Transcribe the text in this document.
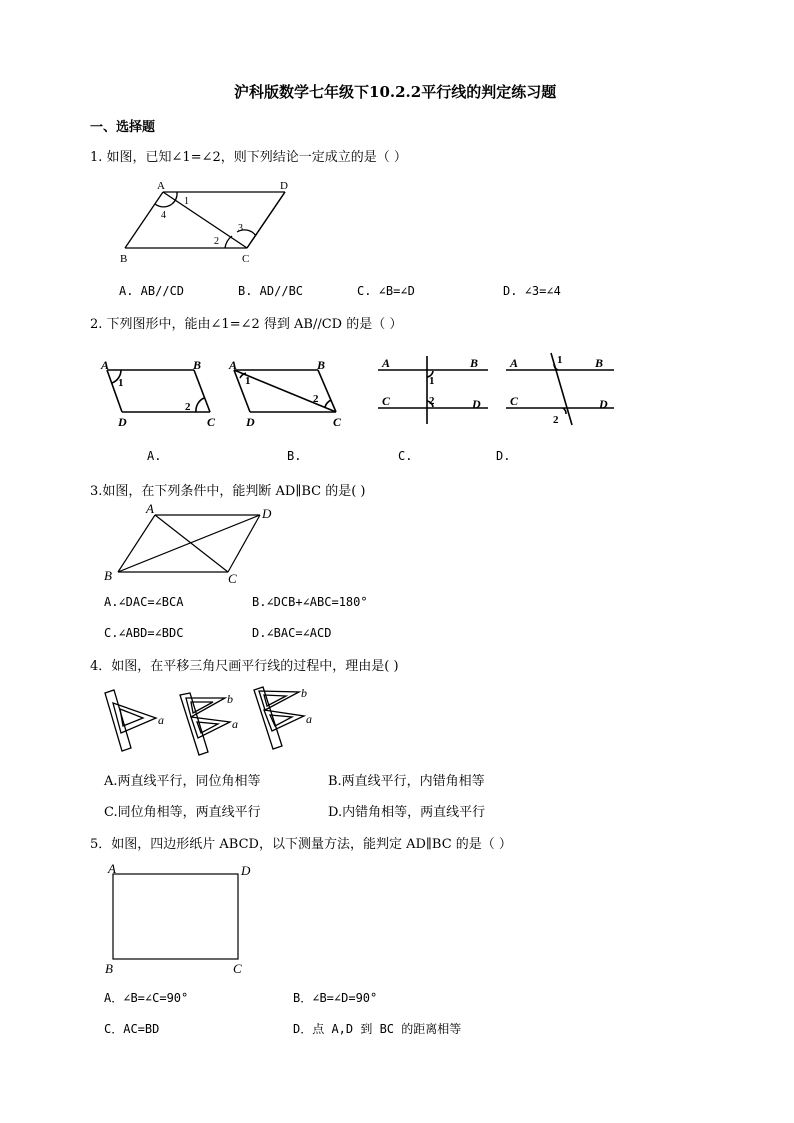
沪科版数学七年级下10.2.2平行线的判定练习题
一、选择题
1. 如图，已知∠1=∠2，则下列结论一定成立的是（ ）
A	D
B	C
1
4
2
3
A. AB//CD	B. AD//BC	C. ∠B=∠D	D. ∠3=∠4
2. 下列图形中，能由∠1=∠2 得到 AB//CD 的是（ ）
A	B
D	C
A	B
D	C
A	B
C	D
A	B
C	D
1
2
1
2
1
2
1
2
A.	B.	C.	D.
3.如图，在下列条件中，能判断 AD∥BC 的是( )
A	D
B	C
A.∠DAC=∠BCA	B.∠DCB+∠ABC=180°
C.∠ABD=∠BDC	D.∠BAC=∠ACD
4．如图，在平移三角尺画平行线的过程中，理由是( )
a
b
a
b
a
A.两直线平行，同位角相等	B.两直线平行，内错角相等
C.同位角相等，两直线平行	D.内错角相等，两直线平行
5．如图，四边形纸片 ABCD，以下测量方法，能判定 AD∥BC 的是（ ）
A	D
B	C
A．∠B=∠C=90°	B．∠B=∠D=90°
C．AC=BD	D．点 A,D 到 BC 的距离相等
